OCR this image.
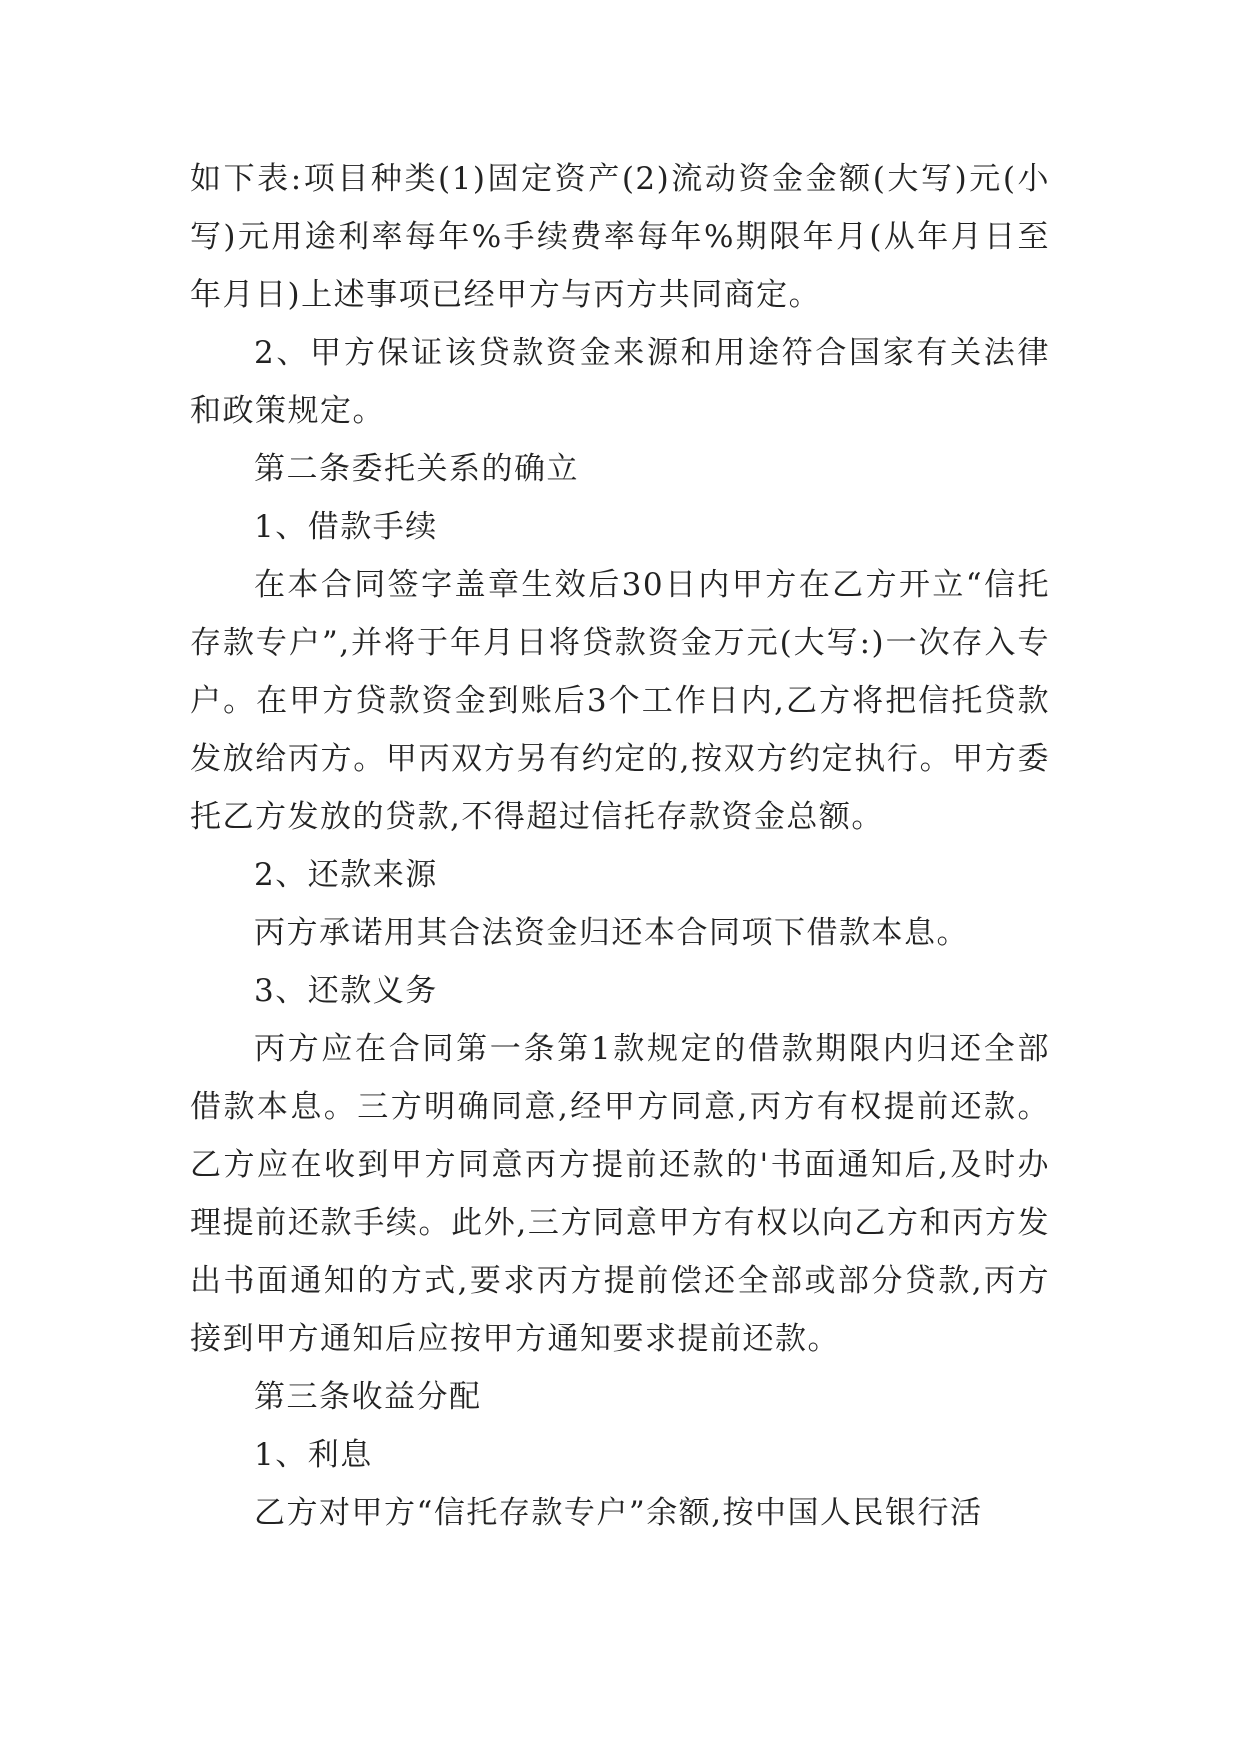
如下表:项目种类(1)固定资产(2)流动资金金额(大写)元(小写)元用途利率每年%手续费率每年%期限年月(从年月日至年月日)上述事项已经甲方与丙方共同商定。

2、甲方保证该贷款资金来源和用途符合国家有关法律和政策规定。

第二条委托关系的确立

1、借款手续

在本合同签字盖章生效后30日内甲方在乙方开立“信托存款专户”,并将于年月日将贷款资金万元(大写:)一次存入专户。在甲方贷款资金到账后3个工作日内,乙方将把信托贷款发放给丙方。甲丙双方另有约定的,按双方约定执行。甲方委托乙方发放的贷款,不得超过信托存款资金总额。

2、还款来源

丙方承诺用其合法资金归还本合同项下借款本息。

3、还款义务

丙方应在合同第一条第1款规定的借款期限内归还全部借款本息。三方明确同意,经甲方同意,丙方有权提前还款。乙方应在收到甲方同意丙方提前还款的'书面通知后,及时办理提前还款手续。此外,三方同意甲方有权以向乙方和丙方发出书面通知的方式,要求丙方提前偿还全部或部分贷款,丙方接到甲方通知后应按甲方通知要求提前还款。

第三条收益分配

1、利息

乙方对甲方“信托存款专户”余额,按中国人民银行活
